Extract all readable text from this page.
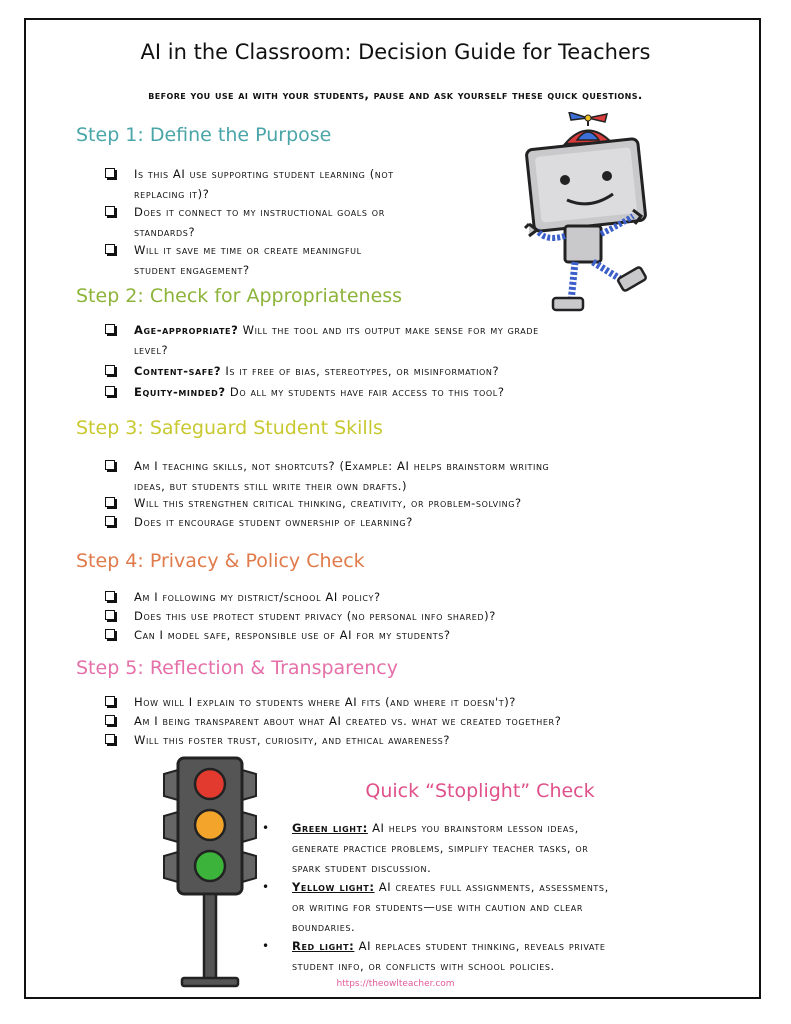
AI in the Classroom: Decision Guide for Teachers
before you use ai with your students, pause and ask yourself these quick questions.
Step 1: Define the Purpose
Is this AI use supporting student learning (not
replacing it)?
Does it connect to my instructional goals or
standards?
Will it save me time or create meaningful
student engagement?
Step 2: Check for Appropriateness
Age-appropriate? Will the tool and its output make sense for my grade
level?
Content-safe? Is it free of bias, stereotypes, or misinformation?
Equity-minded? Do all my students have fair access to this tool?
Step 3: Safeguard Student Skills
Am I teaching skills, not shortcuts? (Example: AI helps brainstorm writing
ideas, but students still write their own drafts.)
Will this strengthen critical thinking, creativity, or problem-solving?
Does it encourage student ownership of learning?
Step 4: Privacy & Policy Check
Am I following my district/school AI policy?
Does this use protect student privacy (no personal info shared)?
Can I model safe, responsible use of AI for my students?
Step 5: Reflection & Transparency
How will I explain to students where AI fits (and where it doesn't)?
Am I being transparent about what AI created vs. what we created together?
Will this foster trust, curiosity, and ethical awareness?
Quick “Stoplight” Check
• Green light: AI helps you brainstorm lesson ideas,
generate practice problems, simplify teacher tasks, or
spark student discussion.
• Yellow light: AI creates full assignments, assessments,
or writing for students—use with caution and clear
boundaries.
• Red light: AI replaces student thinking, reveals private
student info, or conflicts with school policies.
https://theowlteacher.com
